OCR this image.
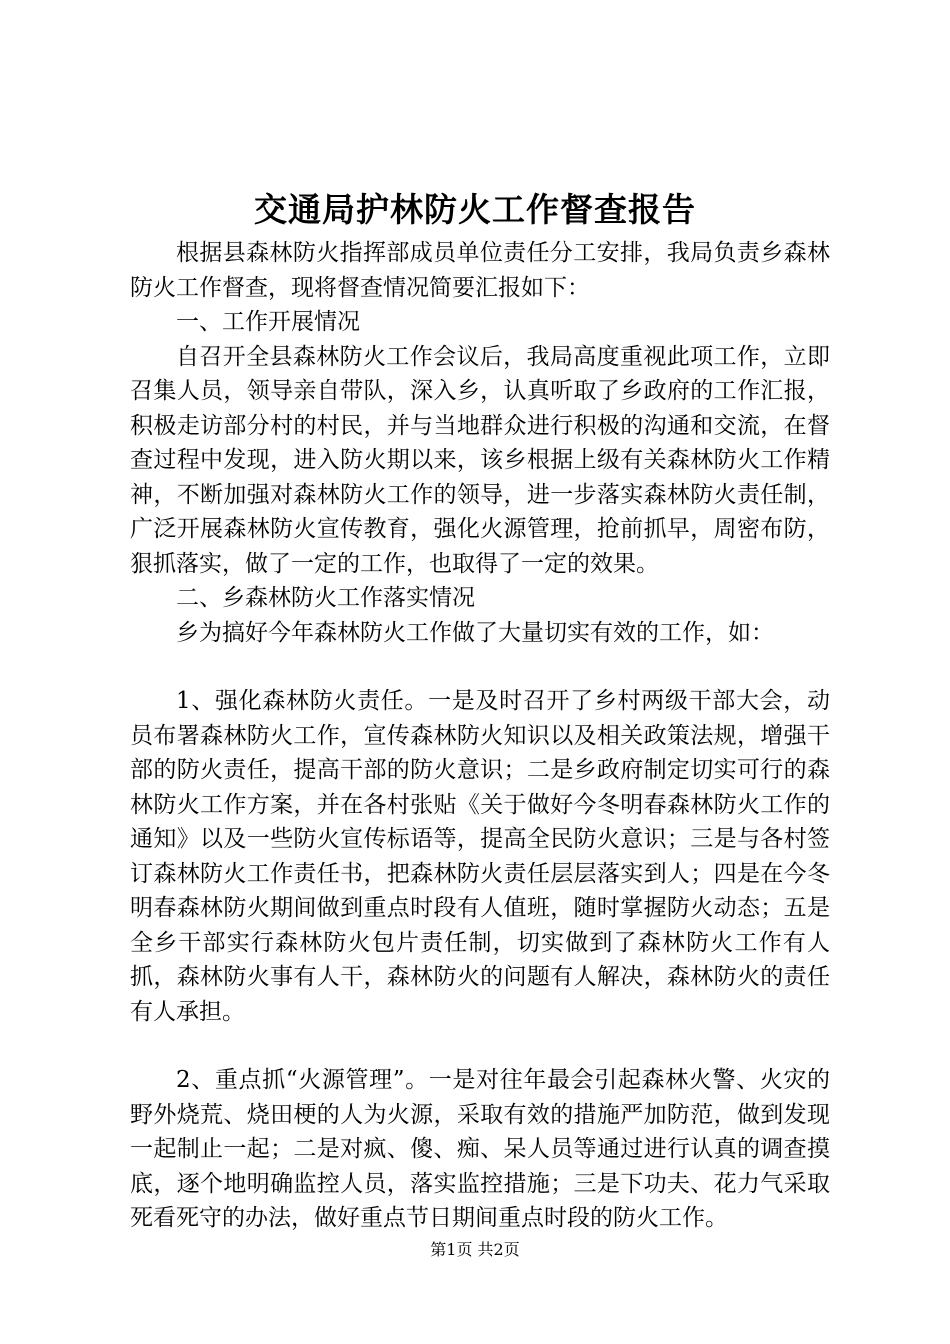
交通局护林防火工作督查报告

根据县森林防火指挥部成员单位责任分工安排，我局负责乡森林防火工作督查，现将督查情况简要汇报如下：

一、工作开展情况

自召开全县森林防火工作会议后，我局高度重视此项工作，立即召集人员，领导亲自带队，深入乡，认真听取了乡政府的工作汇报，积极走访部分村的村民，并与当地群众进行积极的沟通和交流，在督查过程中发现，进入防火期以来，该乡根据上级有关森林防火工作精神，不断加强对森林防火工作的领导，进一步落实森林防火责任制，广泛开展森林防火宣传教育，强化火源管理，抢前抓早，周密布防，狠抓落实，做了一定的工作，也取得了一定的效果。

二、乡森林防火工作落实情况

乡为搞好今年森林防火工作做了大量切实有效的工作，如：

1、强化森林防火责任。一是及时召开了乡村两级干部大会，动员布署森林防火工作，宣传森林防火知识以及相关政策法规，增强干部的防火责任，提高干部的防火意识；二是乡政府制定切实可行的森林防火工作方案，并在各村张贴《关于做好今冬明春森林防火工作的通知》以及一些防火宣传标语等，提高全民防火意识；三是与各村签订森林防火工作责任书，把森林防火责任层层落实到人；四是在今冬明春森林防火期间做到重点时段有人值班，随时掌握防火动态；五是全乡干部实行森林防火包片责任制，切实做到了森林防火工作有人抓，森林防火事有人干，森林防火的问题有人解决，森林防火的责任有人承担。

2、重点抓“火源管理”。一是对往年最会引起森林火警、火灾的野外烧荒、烧田梗的人为火源，采取有效的措施严加防范，做到发现一起制止一起；二是对疯、傻、痴、呆人员等通过进行认真的调查摸底，逐个地明确监控人员，落实监控措施；三是下功夫、花力气采取死看死守的办法，做好重点节日期间重点时段的防火工作。

第1页 共2页
